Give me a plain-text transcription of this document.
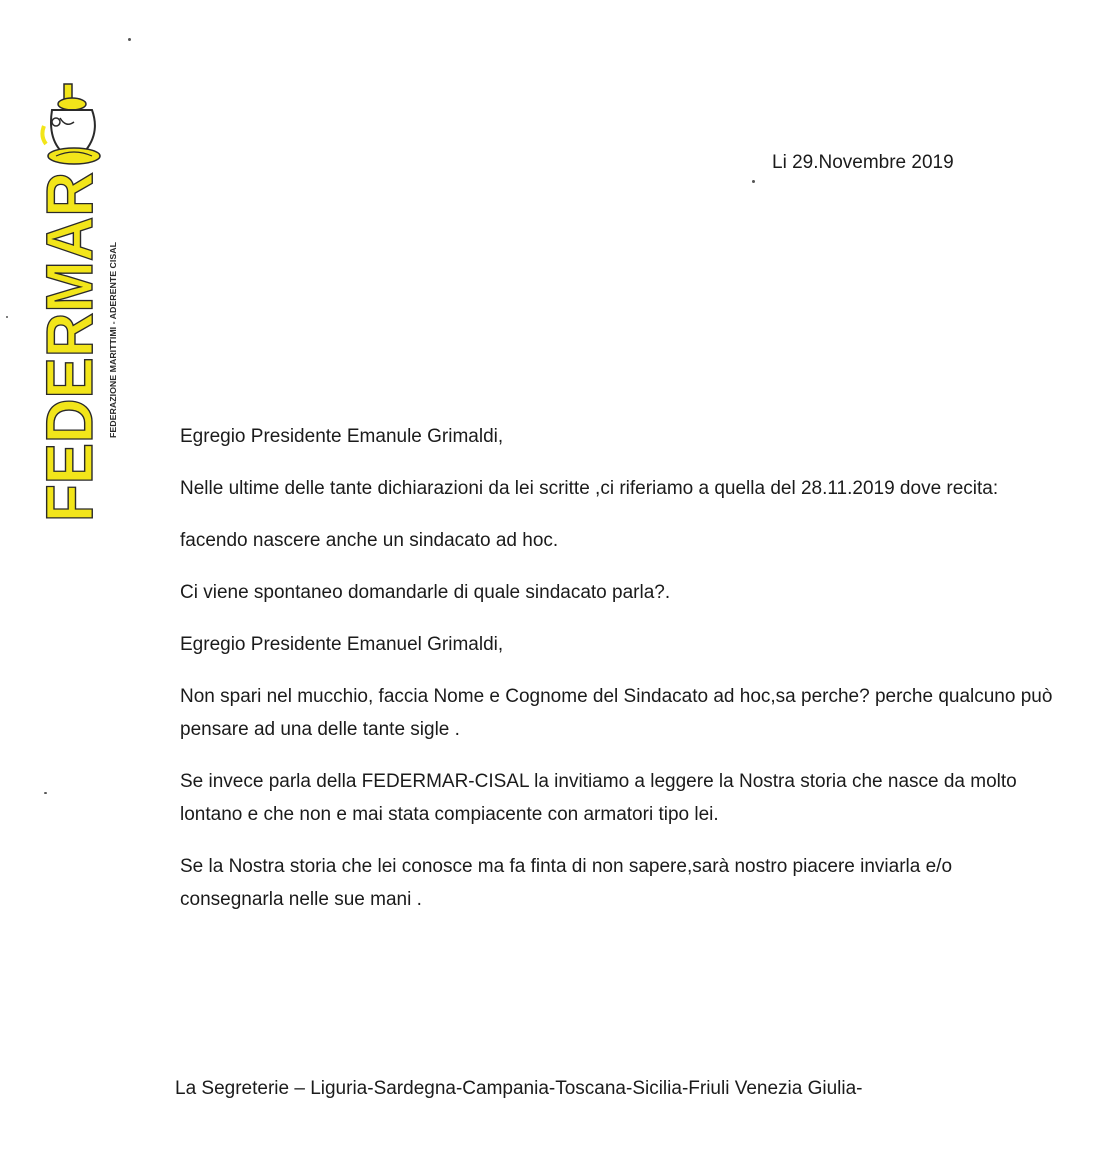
FEDERMAR FEDERAZIONE MARITTIMI - ADERENTE CISAL
Li 29.Novembre 2019

Egregio Presidente Emanule Grimaldi,

Nelle ultime delle tante dichiarazioni da lei scritte ,ci riferiamo a quella del 28.11.2019 dove recita:

facendo nascere anche un sindacato ad hoc.

Ci viene spontaneo domandarle di quale sindacato parla?.

Egregio Presidente Emanuel Grimaldi,

Non spari nel mucchio, faccia Nome e Cognome del Sindacato ad hoc,sa perche? perche qualcuno può pensare ad una delle tante sigle .

Se invece parla della FEDERMAR-CISAL la invitiamo a leggere la Nostra storia che nasce da molto lontano e che non e mai stata compiacente con armatori tipo lei.

Se la Nostra storia che lei conosce ma fa finta di non sapere,sarà nostro piacere inviarla e/o consegnarla nelle sue mani .

La Segreterie – Liguria-Sardegna-Campania-Toscana-Sicilia-Friuli Venezia Giulia-
